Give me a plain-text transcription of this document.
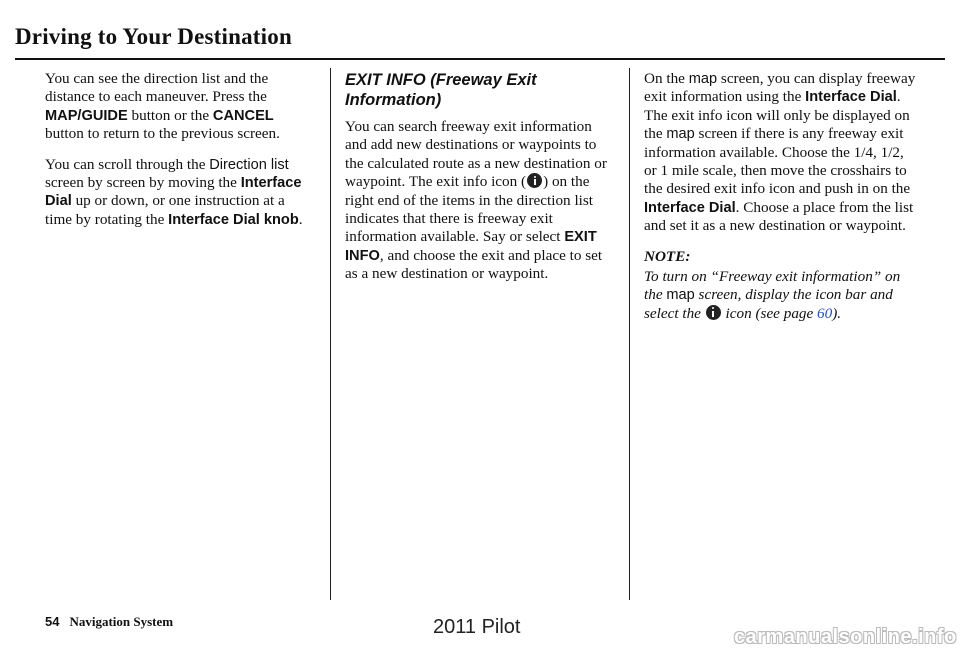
Driving to Your Destination

You can see the direction list and the distance to each maneuver. Press the MAP/GUIDE button or the CANCEL button to return to the previous screen.

You can scroll through the Direction list screen by screen by moving the Interface Dial up or down, or one instruction at a time by rotating the Interface Dial knob.

EXIT INFO (Freeway Exit Information)

You can search freeway exit information and add new destinations or waypoints to the calculated route as a new destination or waypoint. The exit info icon ( ) on the right end of the items in the direction list indicates that there is freeway exit information available. Say or select EXIT INFO, and choose the exit and place to set as a new destination or waypoint.

On the map screen, you can display freeway exit information using the Interface Dial. The exit info icon will only be displayed on the map screen if there is any freeway exit information available. Choose the 1/4, 1/2, or 1 mile scale, then move the crosshairs to the desired exit info icon and push in on the Interface Dial. Choose a place from the list and set it as a new destination or waypoint.

NOTE:

To turn on “Freeway exit information” on the map screen, display the icon bar and select the  icon (see page 60).

54 Navigation System	2011 Pilot	carmanualsonline.info
